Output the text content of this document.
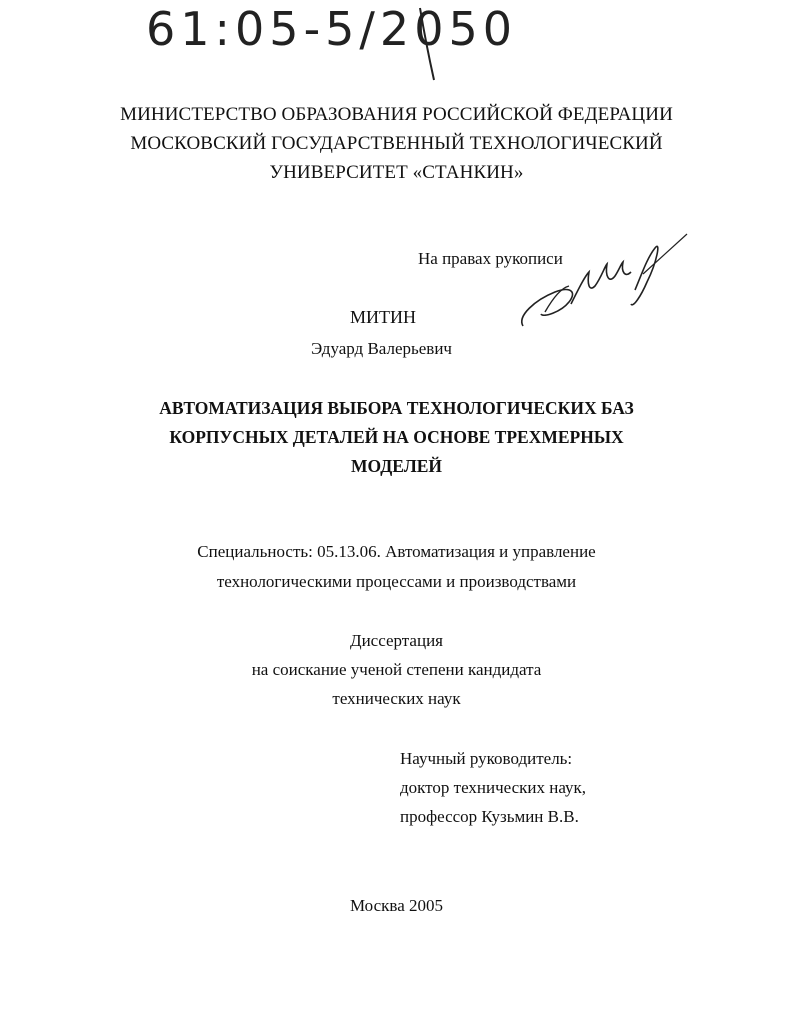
61:05-5/2050
МИНИСТЕРСТВО ОБРАЗОВАНИЯ РОССИЙСКОЙ ФЕДЕРАЦИИ
МОСКОВСКИЙ ГОСУДАРСТВЕННЫЙ ТЕХНОЛОГИЧЕСКИЙ
УНИВЕРСИТЕТ «СТАНКИН»
На правах рукописи
МИТИН
Эдуард Валерьевич
АВТОМАТИЗАЦИЯ ВЫБОРА ТЕХНОЛОГИЧЕСКИХ БАЗ
КОРПУСНЫХ ДЕТАЛЕЙ НА ОСНОВЕ ТРЕХМЕРНЫХ
МОДЕЛЕЙ
Специальность: 05.13.06. Автоматизация и управление
технологическими процессами и производствами
Диссертация
на соискание ученой степени кандидата
технических наук
Научный руководитель:
доктор технических наук,
профессор Кузьмин В.В.
Москва 2005
